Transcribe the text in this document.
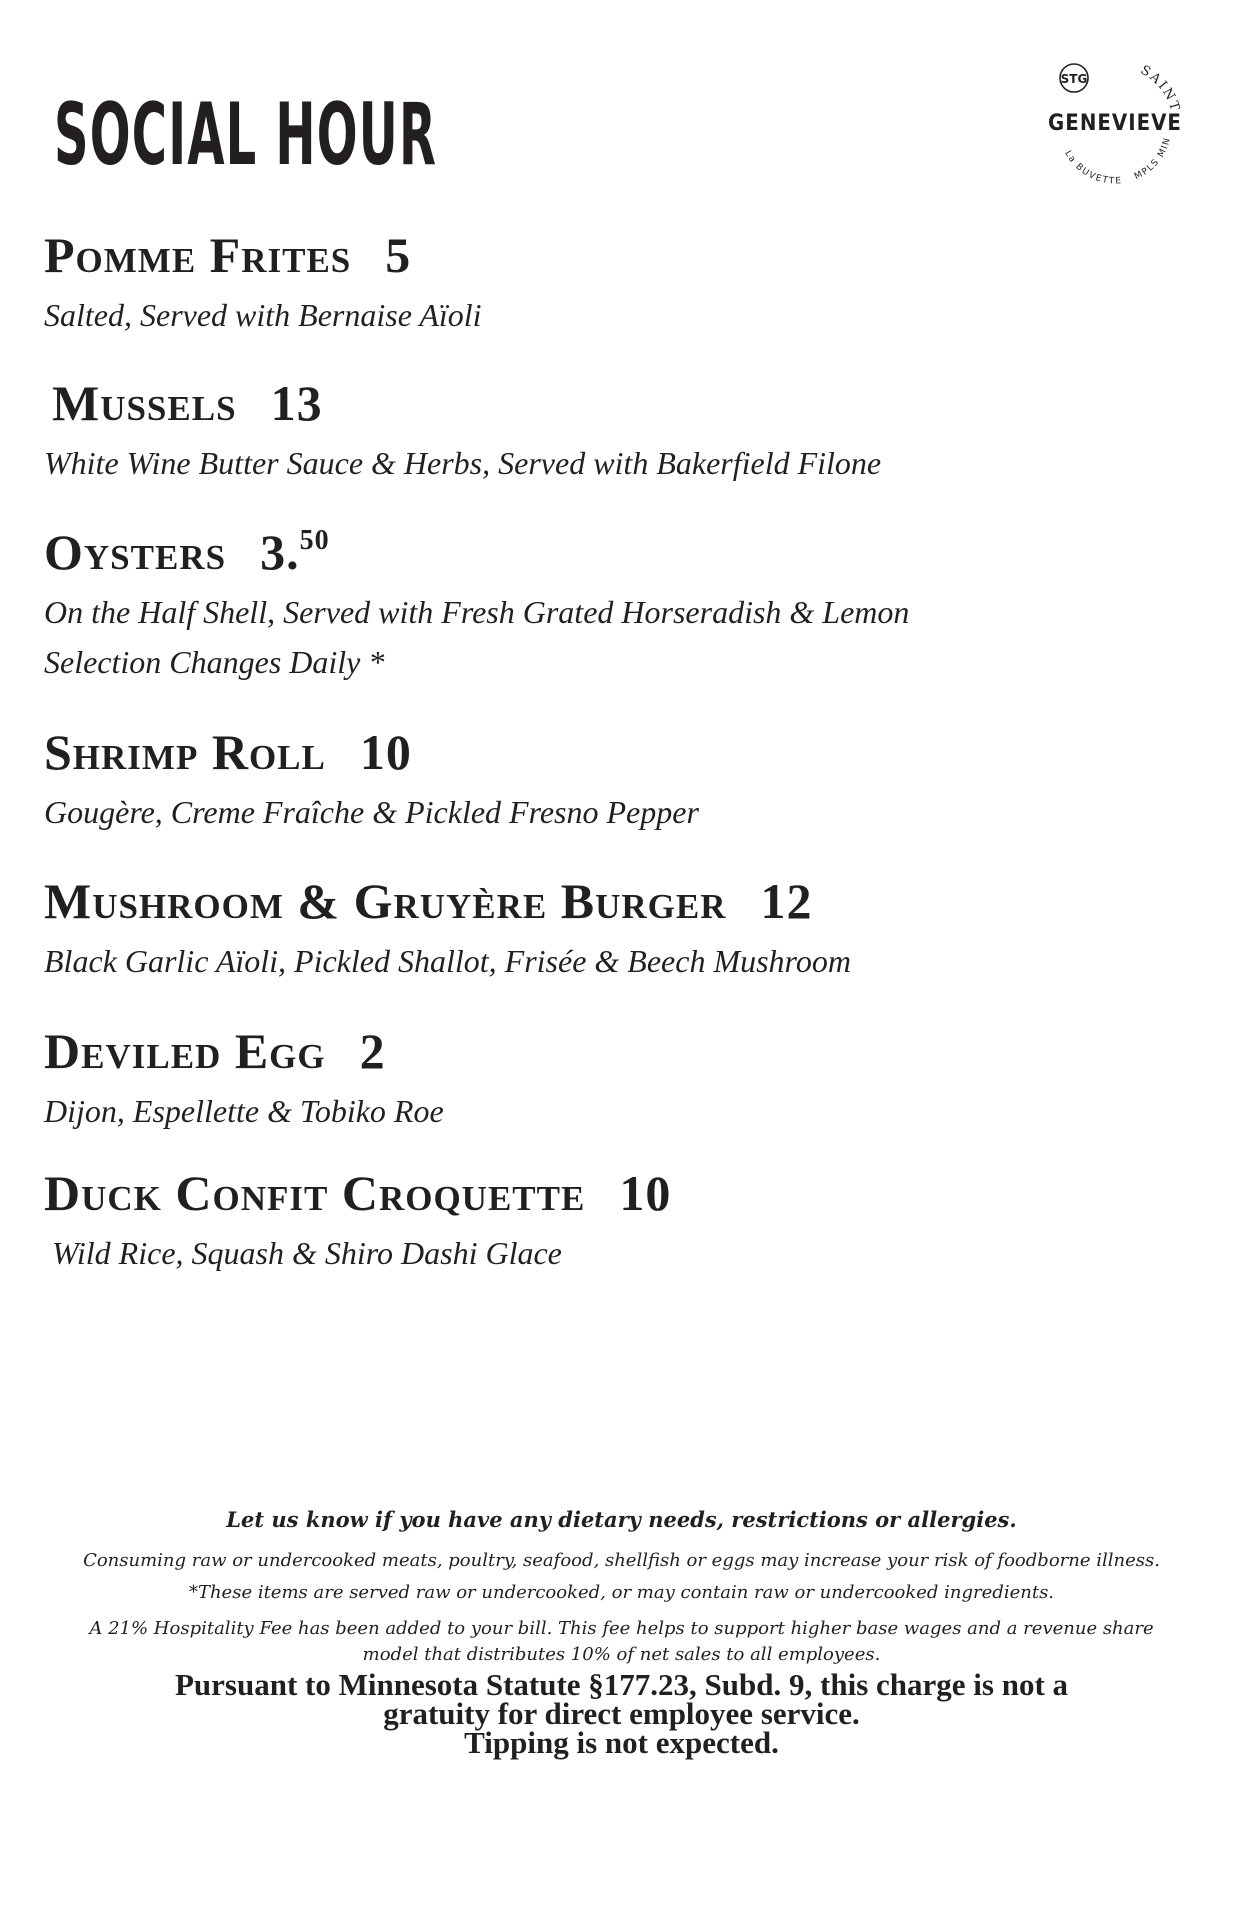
SOCIAL HOUR
STG	SAINT
GENEVIEVE
La BUVETTE	MPLS MIN
Pomme Frites 5
Salted, Served with Bernaise Aïoli
Mussels 13
White Wine Butter Sauce & Herbs, Served with Bakerfield Filone
Oysters 3.50
On the Half Shell, Served with Fresh Grated Horseradish & Lemon
Selection Changes Daily *
Shrimp Roll 10
Gougère, Creme Fraîche & Pickled Fresno Pepper
Mushroom & Gruyère Burger 12
Black Garlic Aïoli, Pickled Shallot, Frisée & Beech Mushroom
Deviled Egg 2
Dijon, Espellette & Tobiko Roe
Duck Confit Croquette 10
Wild Rice, Squash & Shiro Dashi Glace

Let us know if you have any dietary needs, restrictions or allergies.

Consuming raw or undercooked meats, poultry, seafood, shellfish or eggs may increase your risk of foodborne illness.

*These items are served raw or undercooked, or may contain raw or undercooked ingredients.

A 21% Hospitality Fee has been added to your bill. This fee helps to support higher base wages and a revenue share model that distributes 10% of net sales to all employees.

Pursuant to Minnesota Statute §177.23, Subd. 9, this charge is not a
gratuity for direct employee service.
Tipping is not expected.
